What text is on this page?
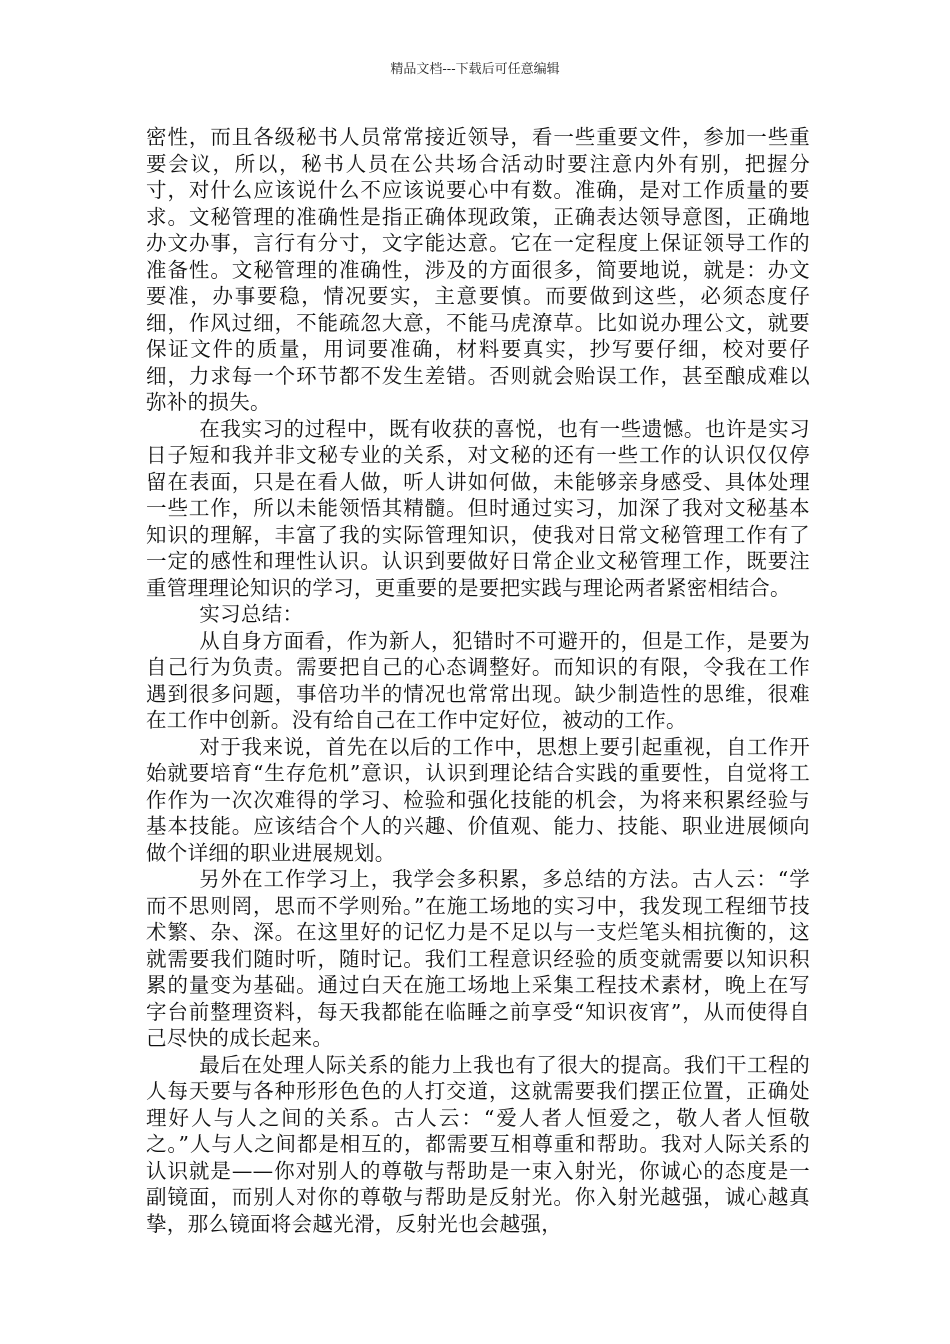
精品文档---下载后可任意编辑

密性，而且各级秘书人员常常接近领导，看一些重要文件，参加一些重要会议，所以，秘书人员在公共场合活动时要注意内外有别，把握分寸，对什么应该说什么不应该说要心中有数。准确，是对工作质量的要求。文秘管理的准确性是指正确体现政策，正确表达领导意图，正确地办文办事，言行有分寸，文字能达意。它在一定程度上保证领导工作的准备性。文秘管理的准确性，涉及的方面很多，简要地说，就是：办文要准，办事要稳，情况要实，主意要慎。而要做到这些，必须态度仔细，作风过细，不能疏忽大意，不能马虎潦草。比如说办理公文，就要保证文件的质量，用词要准确，材料要真实，抄写要仔细，校对要仔细，力求每一个环节都不发生差错。否则就会贻误工作，甚至酿成难以弥补的损失。

在我实习的过程中，既有收获的喜悦，也有一些遗憾。也许是实习日子短和我并非文秘专业的关系，对文秘的还有一些工作的认识仅仅停留在表面，只是在看人做，听人讲如何做，未能够亲身感受、具体处理一些工作，所以未能领悟其精髓。但时通过实习，加深了我对文秘基本知识的理解，丰富了我的实际管理知识，使我对日常文秘管理工作有了一定的感性和理性认识。认识到要做好日常企业文秘管理工作，既要注重管理理论知识的学习，更重要的是要把实践与理论两者紧密相结合。

实习总结：

从自身方面看，作为新人，犯错时不可避开的，但是工作，是要为自己行为负责。需要把自己的心态调整好。而知识的有限，令我在工作遇到很多问题，事倍功半的情况也常常出现。缺少制造性的思维，很难在工作中创新。没有给自己在工作中定好位，被动的工作。

对于我来说，首先在以后的工作中，思想上要引起重视，自工作开始就要培育“生存危机”意识，认识到理论结合实践的重要性，自觉将工作作为一次次难得的学习、检验和强化技能的机会，为将来积累经验与基本技能。应该结合个人的兴趣、价值观、能力、技能、职业进展倾向做个详细的职业进展规划。

另外在工作学习上，我学会多积累，多总结的方法。古人云：“学而不思则罔，思而不学则殆。”在施工场地的实习中，我发现工程细节技术繁、杂、深。在这里好的记忆力是不足以与一支烂笔头相抗衡的，这就需要我们随时听，随时记。我们工程意识经验的质变就需要以知识积累的量变为基础。通过白天在施工场地上采集工程技术素材，晚上在写字台前整理资料，每天我都能在临睡之前享受“知识夜宵”，从而使得自己尽快的成长起来。

最后在处理人际关系的能力上我也有了很大的提高。我们干工程的人每天要与各种形形色色的人打交道，这就需要我们摆正位置，正确处理好人与人之间的关系。古人云：“爱人者人恒爱之，敬人者人恒敬之。”人与人之间都是相互的，都需要互相尊重和帮助。我对人际关系的认识就是——你对别人的尊敬与帮助是一束入射光，你诚心的态度是一副镜面，而别人对你的尊敬与帮助是反射光。你入射光越强，诚心越真挚，那么镜面将会越光滑，反射光也会越强，
